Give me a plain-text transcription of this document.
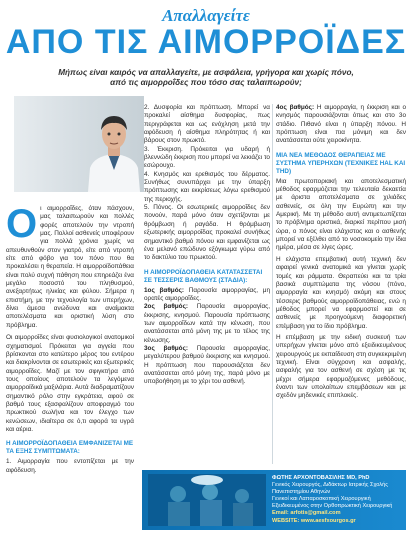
Απαλλαγείτε
ΑΠΟ ΤΙΣ ΑΙΜΟΡΡΟΪΔΕΣ
Μήπως είναι καιρός να απαλλαγείτε, με ασφάλεια, γρήγορα και χωρίς πόνο,
από τις αιμορροΐδες που τόσο σας ταλαιπωρούν;
Ο ι αιμορροΐδες, όταν πάσχουν, μας ταλαιπωρούν και πολλές φορές αποτελούν την ντροπή μας. Πολλοί ασθενείς υποφέρουν για πολλά χρόνια χωρίς να απευθυνθούν στον γιατρό, είτε από ντροπή είτε από φόβο για τον πόνο που θα προκαλέσει η θεραπεία. Η αιμορροϊδοπάθεια είναι πολύ συχνή πάθηση που επηρεάζει ένα μεγάλο ποσοστό του πληθυσμού, ανεξαρτήτως ηλικίας και φύλου. Σήμερα η επιστήμη, με την τεχνολογία των υπερήχων, δίνει άμεσα ανώδυνα και αναίμακτα αποτελέσματα και οριστική λύση στο πρόβλημα.

Οι αιμορροΐδες είναι φυσιολογικοί ανατομικοί σχηματισμοί. Πρόκειται για αγγεία που βρίσκονται στο κατώτερο μέρος του εντέρου και διακρίνονται σε εσωτερικές και εξωτερικές αιμορροΐδες. Μαζί με τον σφιγκτήρα από τους οποίους αποτελούν τα λεγόμενα αιμορροϊδικά μαξιλάρια. Αυτά διαδραματίζουν σημαντικό ρόλο στην εγκράτεια, αφού σε βαθμό τους εξασφαλίζουν αποφραγμό του πρωκτικού σωλήνα και τον έλεγχο των κενώσεων, ιδιαίτερα σε ό,τι αφορά τα υγρά και αέρια.

Η ΑΙΜΟΡΡΟΪΔΟΠΑΘΕΙΑ ΕΜΦΑΝΙΖΕΤΑΙ ΜΕ ΤΑ ΕΞΗΣ ΣΥΜΠΤΩΜΑΤΑ:

1. Αιμορραγία που εντοπίζεται με την αφόδευση.

2. Δυσφορία και πρόπτωση. Μπορεί να προκαλεί αίσθημα δυσφορίας, πως περιγράφεται και ως ενόχληση μετά την αφόδευση ή αίσθημα πληρότητας ή και βάρους στον πρωκτό.

3. Έκκριση. Πρόκειται για υδαρή ή βλεννώδη έκκριση που μπορεί να λεκιάζει το εσώρουχο.

4. Κνησμός και ερεθισμός του δέρματος. Συνήθως συνυπάρχει με την ύπαρξη πρόπτωσης και εκκρίσεως λόγω ερεθισμού της περιοχής.

5. Πόνος. Οι εσωτερικές αιμορροΐδες δεν πονούν, παρά μόνο όταν σχετίζονται με θρόμβωση ή ραγάδα. Η θρόμβωση εξωτερικής αιμορροΐδας προκαλεί συνήθως σημαντικό βαθμό πόνου και εμφανίζεται ως ένα μελανό επώδυνο εξόγκωμα γύρω από το δακτύλιο του πρωκτού.

Η ΑΙΜΟΡΡΟΪΔΟΠΑΘΕΙΑ ΚΑΤΑΤΑΣΣΕΤΑΙ ΣΕ ΤΕΣΣΕΡΙΣ ΒΑΘΜΟΥΣ (ΣΤΑΔΙΑ):

1ος βαθμός: Παρουσία αιμορραγίας, μη ορατές αιμορροΐδες.

2ος βαθμός: Παρουσία αιμορραγίας, έκκρισης, κνησμού. Παρουσία πρόπτωσης των αιμορροΐδων κατά την κένωση, που ανατάσσεται από μόνη της με το τέλος της κένωσης.

3ος βαθμός: Παρουσία αιμορραγίας, μεγαλύτερου βαθμού έκκρισης και κνησμού. Η πρόπτωση που παρουσιάζεται δεν ανατάσσεται από μόνη της, παρά μόνο με υποβοήθηση με το χέρι του ασθενή.

4ος βαθμός: Η αιμορραγία, η έκκριση και ο κνησμός παρουσιάζονται όπως και στο 3ο στάδιο. Πιθανό είναι η ύπαρξη πόνου. Η πρόπτωση είναι πια μόνιμη και δεν ανατάσσεται ούτε χειροκίνητα.

ΜΙΑ ΝΕΑ ΜΕΘΟΔΟΣ ΘΕΡΑΠΕΙΑΣ ΜΕ ΣΥΣΤΗΜΑ ΥΠΕΡΗΧΩΝ (ΤΕΧΝΙΚΕΣ HAL ΚΑΙ THD)

Μια πρωτοποριακή και αποτελεσματική μέθοδος εφαρμόζεται την τελευταία δεκαετία με άριστα αποτελέσματα σε χιλιάδες ασθενείς, σε όλη την Ευρώπη και την Αμερική. Με τη μέθοδο αυτή αντιμετωπίζεται το πρόβλημα οριστικά, διαρκεί περίπου μισή ώρα, ο πόνος είναι ελάχιστος και ο ασθενής μπορεί να εξέλθει από το νοσοκομείο την ίδια ημέρα, μέσα σε λίγες ώρες.

Η ελάχιστα επεμβατική αυτή τεχνική δεν αφαιρεί γενικά ανατομικά και γίνεται χωρίς τομές και ράμματα. Θεραπεύει και τα τρία βασικά συμπτώματα της νόσου (πόνο, αιμορραγία και κνησμό) ακόμη και στους τέσσερις βαθμούς αιμορροϊδοπάθειας, ενώ η μέθοδος μπορεί να εφαρμοστεί και σε ασθενείς με προηγούμενη διαφορετική επέμβαση για το ίδιο πρόβλημα.

Η επέμβαση με την ειδική συσκευή των υπερήχων γίνεται μόνο από εξειδικευμένους χειρουργούς με εκπαίδευση στη συγκεκριμένη τεχνική. Είναι σύγχρονη και ασφαλής, ασφαλής για τον ασθενή σε σχέση με τις μέχρι σήμερα εφαρμοζόμενες μεθόδους, έναντι των υπολοίπων επεμβάσεων και με σχεδόν μηδενικές επιπλοκές.

ΦΩΤΗΣ ΑΡΧΟΝΤΟΒΑΣΙΛΗΣ MD, PhD
Γενικός Χειρουργός, Διδάκτωρ Ιατρικής Σχολής
Πανεπιστημίου Αθηνών
Γενικοί και Λαπαροσκοπική Χειρουργική
Εξειδικευμένος στην Ορθοπρωκτική Χειρουργική
Email: arfotis@gmail.com
WEBSITE: www.aesfxourgos.gr
